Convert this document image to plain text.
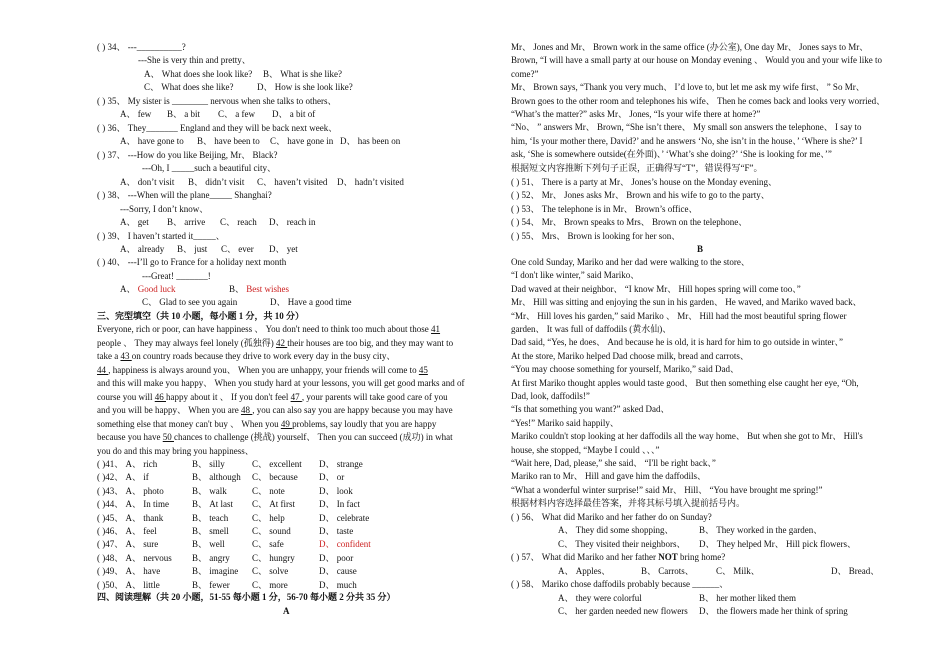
( ) 34、 ---__________?
---She is very thin and pretty、
A、 What does she look like? B、 What is she like?
C、 What does she like?	D、 How is she look like?
( ) 35、 My sister is ________ nervous when she talks to others、
A、 few B、 a bit C、 a few D、 a bit of
( ) 36、 They_______ England and they will be back next week、
A、 have gone to B、 have been to C、 have gone in D、 has been on
( ) 37、 ---How do you like Beijing, Mr、 Black?
---Oh, I _____such a beautiful city、
A、 don’t visit B、 didn’t visit C、 haven’t visited D、 hadn’t visited
( ) 38、 ---When will the plane_____ Shanghai?
---Sorry, I don’t know、
A、 get B、 arrive C、 reach D、 reach in
( ) 39、 I haven’t started it_____、
A、 already B、 just C、 ever D、 yet
( ) 40、 ---I’ll go to France for a holiday next month
---Great! _______!
A、 Good luck	B、 Best wishes
C、 Glad to see you again	D、 Have a good time
三、完型填空（共 10 小题，每小题 1 分，共 10 分）
Everyone, rich or poor, can have happiness 、 You don't need to think too much about those 41
people 、 They may always feel lonely (孤独得) 42 their houses are too big, and they may want to
take a 43 on country roads because they drive to work every day in the busy city、
44 , happiness is always around you、 When you are unhappy, your friends will come to 45
and this will make you happy、 When you study hard at your lessons, you will get good marks and of
course you will 46 happy about it 、 If you don't feel 47 , your parents will take good care of you
and you will be happy、 When you are 48 , you can also say you are happy because you may have
something else that money can't buy 、 When you 49 problems, say loudly that you are happy
because you have 50 chances to challenge (挑战) yourself、 Then you can succeed (成功) in what
you do and this may bring you happiness、
( )41、 A、 rich	B、 silly	C、 excellent D、 strange
( )42、 A、 if	B、 although C、 because D、 or
( )43、 A、 photo	B、 walk	C、 note	D、 look
( )44、 A、 In time	B、 At last C、 At first	D、 In fact
( )45、 A、 thank	B、 teach	C、 help	D、 celebrate
( )46、 A、 feel	B、 smell	C、 sound	D、 taste
( )47、 A、 sure	B、 well	C、 safe	D、 confident
( )48、 A、 nervous B、 angry C、 hungry	D、 poor
( )49、 A、 have	B、 imagine C、 solve	D、 cause
( )50、 A、 little	B、 fewer C、 more	D、 much
四、阅读理解（共 20 小题，51-55 每小题 1 分，56-70 每小题 2 分共 35 分）
A
Mr、 Jones and Mr、 Brown work in the same office (办公室), One day Mr、 Jones says to Mr、
Brown, “I will have a small party at our house on Monday evening 、 Would you and your wife like to
come?”
Mr、 Brown says, “Thank you very much、 I’d love to, but let me ask my wife first、 ” So Mr、
Brown goes to the other room and telephones his wife、 Then he comes back and looks very worried、
“What’s the matter?” asks Mr、 Jones, “Is your wife there at home?”
“No、 ” answers Mr、 Brown, “She isn’t there、 My small son answers the telephone、 I say to
him, ‘Is your mother there, David?’ and he answers ‘No, she isn’t in the house、’ ‘Where is she?’ I
ask, ‘She is somewhere outside(在外面)、’ ‘What’s she doing?’ ‘She is looking for me、’”
根据短文内容推断下列句子正误，正确得写“T”，错误得写“F”。
( ) 51、 There is a party at Mr、 Jones’s house on the Monday evening、
( ) 52、 Mr、 Jones asks Mr、 Brown and his wife to go to the party、
( ) 53、 The telephone is in Mr、 Brown’s office、
( ) 54、 Mr、 Brown speaks to Mrs、 Brown on the telephone、
( ) 55、 Mrs、 Brown is looking for her son、
B
One cold Sunday, Mariko and her dad were walking to the store、
“I don't like winter,” said Mariko、
Dad waved at their neighbor、 “I know Mr、 Hill hopes spring will come too、”
Mr、 Hill was sitting and enjoying the sun in his garden、 He waved, and Mariko waved back、
“Mr、 Hill loves his garden,” said Mariko 、 Mr、 Hill had the most beautiful spring flower
garden、 It was full of daffodils (黄水仙)、
Dad said, “Yes, he does、 And because he is old, it is hard for him to go outside in winter、”
At the store, Mariko helped Dad choose milk, bread and carrots、
“You may choose something for yourself, Mariko,” said Dad、
At first Mariko thought apples would taste good、 But then something else caught her eye, “Oh,
Dad, look, daffodils!”
“Is that something you want?” asked Dad、
“Yes!” Mariko said happily、
Mariko couldn't stop looking at her daffodils all the way home、 But when she got to Mr、 Hill's
house, she stopped, “Maybe I could 、、、”
“Wait here, Dad, please,” she said、 “I'll be right back、”
Mariko ran to Mr、 Hill and gave him the daffodils、
“What a wonderful winter surprise!” said Mr、 Hill、 “You have brought me spring!”
根据材料内容选择最佳答案，并将其标号填入提前括号内。
( ) 56、 What did Mariko and her father do on Sunday?
A、 They did some shopping、	B、 They worked in the garden、
C、 They visited their neighbors、 D、 They helped Mr、 Hill pick flowers、
( ) 57、 What did Mariko and her father NOT bring home?
A、 Apples、	B、 Carrots、 C、 Milk、	D、 Bread、
( ) 58、 Mariko chose daffodils probably because ______、
A、 they were colorful	B、 her mother liked them
C、 her garden needed new flowers D、 the flowers made her think of spring
